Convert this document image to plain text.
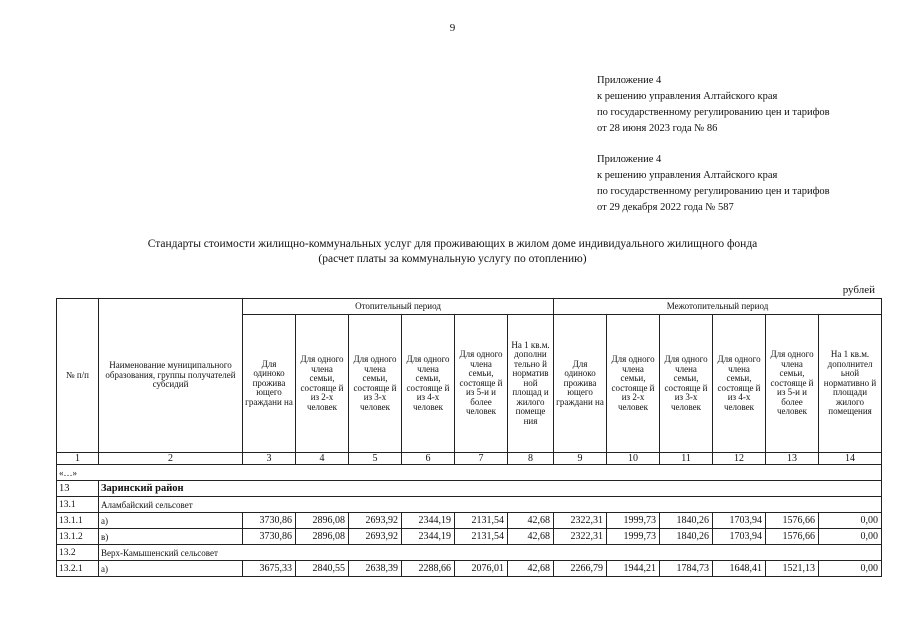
9
Приложение 4
к решению управления Алтайского края
по государственному регулированию цен и тарифов
от 28 июня 2023 года № 86
Приложение 4
к решению управления Алтайского края
по государственному регулированию цен и тарифов
от 29 декабря 2022 года № 587
Стандарты стоимости жилищно-коммунальных услуг для проживающих в жилом доме индивидуального жилищного фонда
(расчет платы за коммунальную услугу по отоплению)
рублей
№ п/п	Наименование муниципального образования, группы получателей субсидий	Отопительный период						Межотопительный период					
		Для одиноко прожива ющего граждани на	Для одного члена семьи, состояще й из 2-х человек	Для одного члена семьи, состояще й из 3-х человек	Для одного члена семьи, состояще й из 4-х человек	Для одного члена семьи, состояще й из 5-и и более человек	На 1 кв.м. дополни тельно й норматив ной площад и жилого помеще ния	Для одиноко прожива ющего граждани на	Для одного члена семьи, состояще й из 2-х человек	Для одного члена семьи, состояще й из 3-х человек	Для одного члена семьи, состояще й из 4-х человек	Для одного члена семьи, состояще й из 5-и и более человек	На 1 кв.м. дополнител ьной нормативно й площади жилого помещения
1	2	3	4	5	6	7	8	9	10	11	12	13	14
«…»													
13	Заринский район												
13.1	Аламбайский сельсовет												
13.1.1	а)	3730,86	2896,08	2693,92	2344,19	2131,54	42,68	2322,31	1999,73	1840,26	1703,94	1576,66	0,00
13.1.2	в)	3730,86	2896,08	2693,92	2344,19	2131,54	42,68	2322,31	1999,73	1840,26	1703,94	1576,66	0,00
13.2	Верх-Камышенский сельсовет												
13.2.1	а)	3675,33	2840,55	2638,39	2288,66	2076,01	42,68	2266,79	1944,21	1784,73	1648,41	1521,13	0,00
